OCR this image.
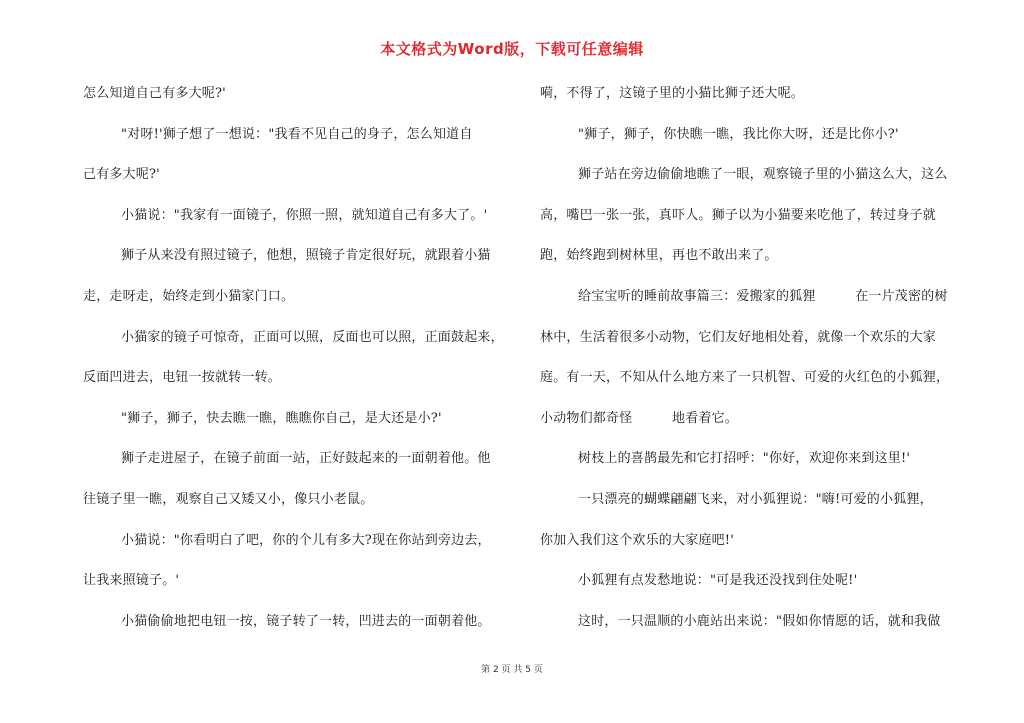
本文格式为Word版，下载可任意编辑
怎么知道自己有多大呢?'
"对呀!'狮子想了一想说："我看不见自己的身子，怎么知道自
己有多大呢?'
小猫说："我家有一面镜子，你照一照，就知道自己有多大了。'
狮子从来没有照过镜子，他想，照镜子肯定很好玩，就跟着小猫
走，走呀走，始终走到小猫家门口。
小猫家的镜子可惊奇，正面可以照，反面也可以照，正面鼓起来，
反面凹进去，电钮一按就转一转。
"狮子，狮子，快去瞧一瞧，瞧瞧你自己，是大还是小?'
狮子走进屋子，在镜子前面一站，正好鼓起来的一面朝着他。他
往镜子里一瞧，观察自己又矮又小，像只小老鼠。
小猫说："你看明白了吧，你的个儿有多大?现在你站到旁边去，
让我来照镜子。'
小猫偷偷地把电钮一按，镜子转了一转，凹进去的一面朝着他。
嗬，不得了，这镜子里的小猫比狮子还大呢。
"狮子，狮子，你快瞧一瞧，我比你大呀，还是比你小?'
狮子站在旁边偷偷地瞧了一眼，观察镜子里的小猫这么大，这么
高，嘴巴一张一张，真吓人。狮子以为小猫要来吃他了，转过身子就
跑，始终跑到树林里，再也不敢出来了。
给宝宝听的睡前故事篇三：爱搬家的狐狸　　　在一片茂密的树
林中，生活着很多小动物，它们友好地相处着，就像一个欢乐的大家
庭。有一天，不知从什么地方来了一只机智、可爱的火红色的小狐狸，
小动物们都奇怪　　　地看着它。
树枝上的喜鹊最先和它打招呼："你好，欢迎你来到这里!'
一只漂亮的蝴蝶翩翩飞来，对小狐狸说："嗨!可爱的小狐狸，
你加入我们这个欢乐的大家庭吧!'
小狐狸有点发愁地说："可是我还没找到住处呢!'
这时，一只温顺的小鹿站出来说："假如你情愿的话，就和我做
第 2 页 共 5 页
